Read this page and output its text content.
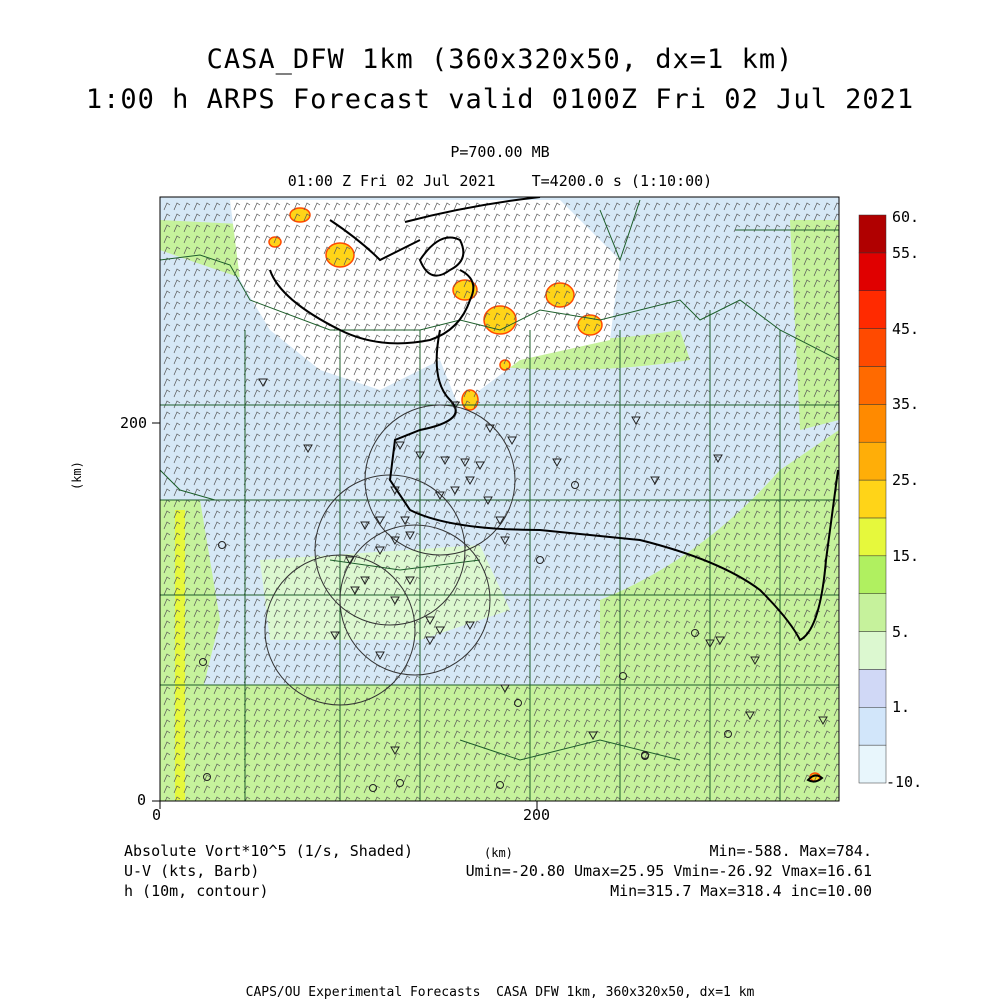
CASA_DFW 1km (360x320x50, dx=1 km)
1:00 h ARPS Forecast valid 0100Z Fri 02 Jul 2021
P=700.00 MB
01:00 Z Fri 02 Jul 2021    T=4200.0 s (1:10:00)
0	200
0
200
(km)
(km)
60.
55.
45.
35.
25.
15.
5.
1.
-10.
Absolute Vort*10^5 (1/s, Shaded)
U-V (kts, Barb)
h (10m, contour)
Min=-588. Max=784.
Umin=-20.80 Umax=25.95 Vmin=-26.92 Vmax=16.61
Min=315.7 Max=318.4 inc=10.00
CAPS/OU Experimental Forecasts  CASA DFW 1km, 360x320x50, dx=1 km
